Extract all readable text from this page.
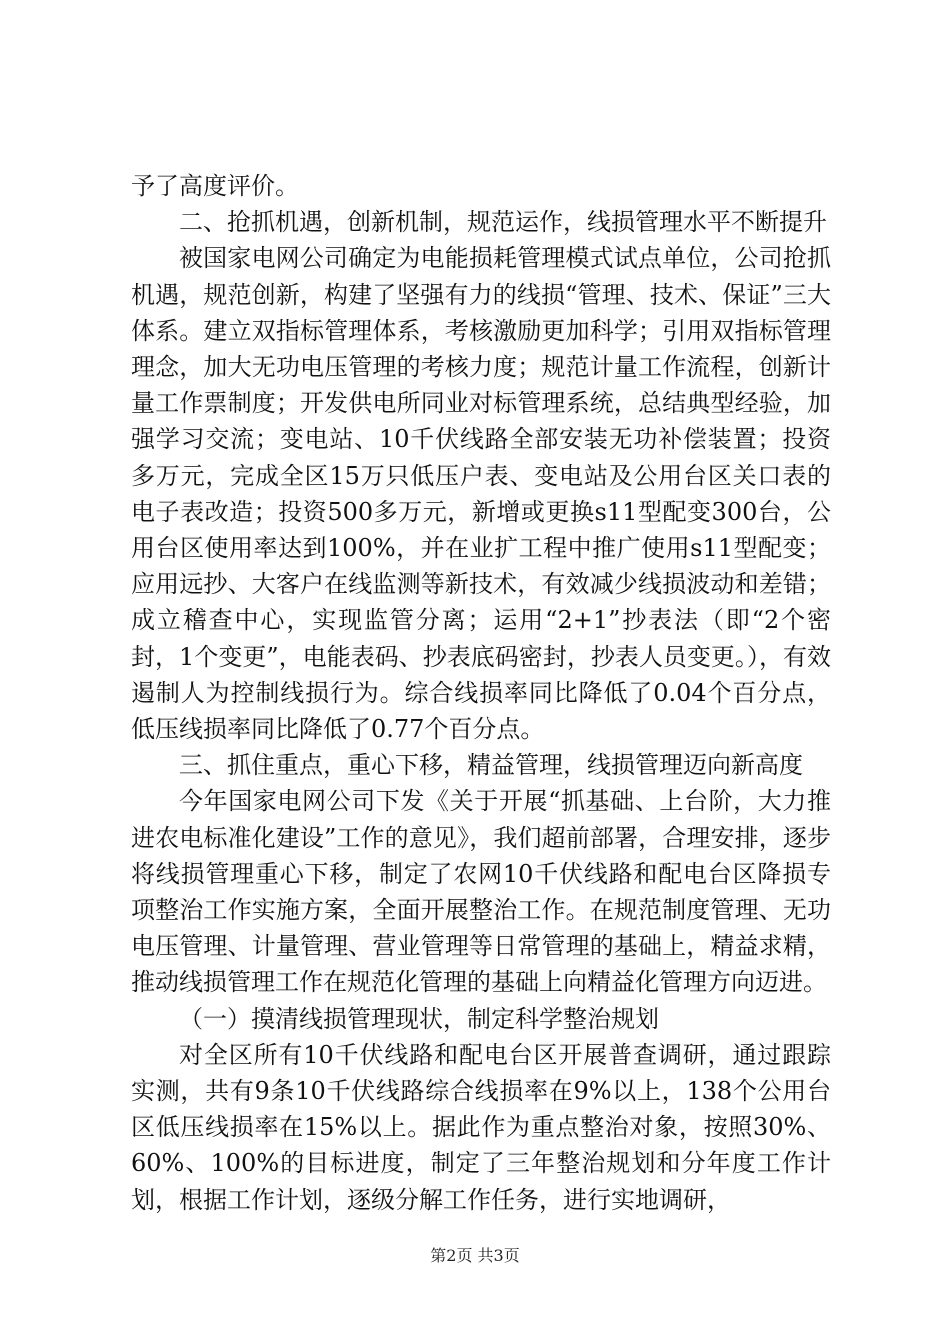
予了高度评价。

二、抢抓机遇，创新机制，规范运作，线损管理水平不断提升

被国家电网公司确定为电能损耗管理模式试点单位，公司抢抓机遇，规范创新，构建了坚强有力的线损“管理、技术、保证”三大体系。建立双指标管理体系，考核激励更加科学；引用双指标管理理念，加大无功电压管理的考核力度；规范计量工作流程，创新计量工作票制度；开发供电所同业对标管理系统，总结典型经验，加强学习交流；变电站、10千伏线路全部安装无功补偿装置；投资多万元，完成全区15万只低压户表、变电站及公用台区关口表的电子表改造；投资500多万元，新增或更换s11型配变300台，公用台区使用率达到100%，并在业扩工程中推广使用s11型配变；应用远抄、大客户在线监测等新技术，有效减少线损波动和差错；成立稽查中心，实现监管分离；运用“2+1”抄表法（即“2个密封，1个变更”，电能表码、抄表底码密封，抄表人员变更。），有效遏制人为控制线损行为。综合线损率同比降低了0.04个百分点，低压线损率同比降低了0.77个百分点。

三、抓住重点，重心下移，精益管理，线损管理迈向新高度

今年国家电网公司下发《关于开展“抓基础、上台阶，大力推进农电标准化建设”工作的意见》，我们超前部署，合理安排，逐步将线损管理重心下移，制定了农网10千伏线路和配电台区降损专项整治工作实施方案，全面开展整治工作。在规范制度管理、无功电压管理、计量管理、营业管理等日常管理的基础上，精益求精，推动线损管理工作在规范化管理的基础上向精益化管理方向迈进。

（一）摸清线损管理现状，制定科学整治规划

对全区所有10千伏线路和配电台区开展普查调研，通过跟踪实测，共有9条10千伏线路综合线损率在9%以上，138个公用台区低压线损率在15%以上。据此作为重点整治对象，按照30%、60%、100%的目标进度，制定了三年整治规划和分年度工作计划，根据工作计划，逐级分解工作任务，进行实地调研，

第2页 共3页
